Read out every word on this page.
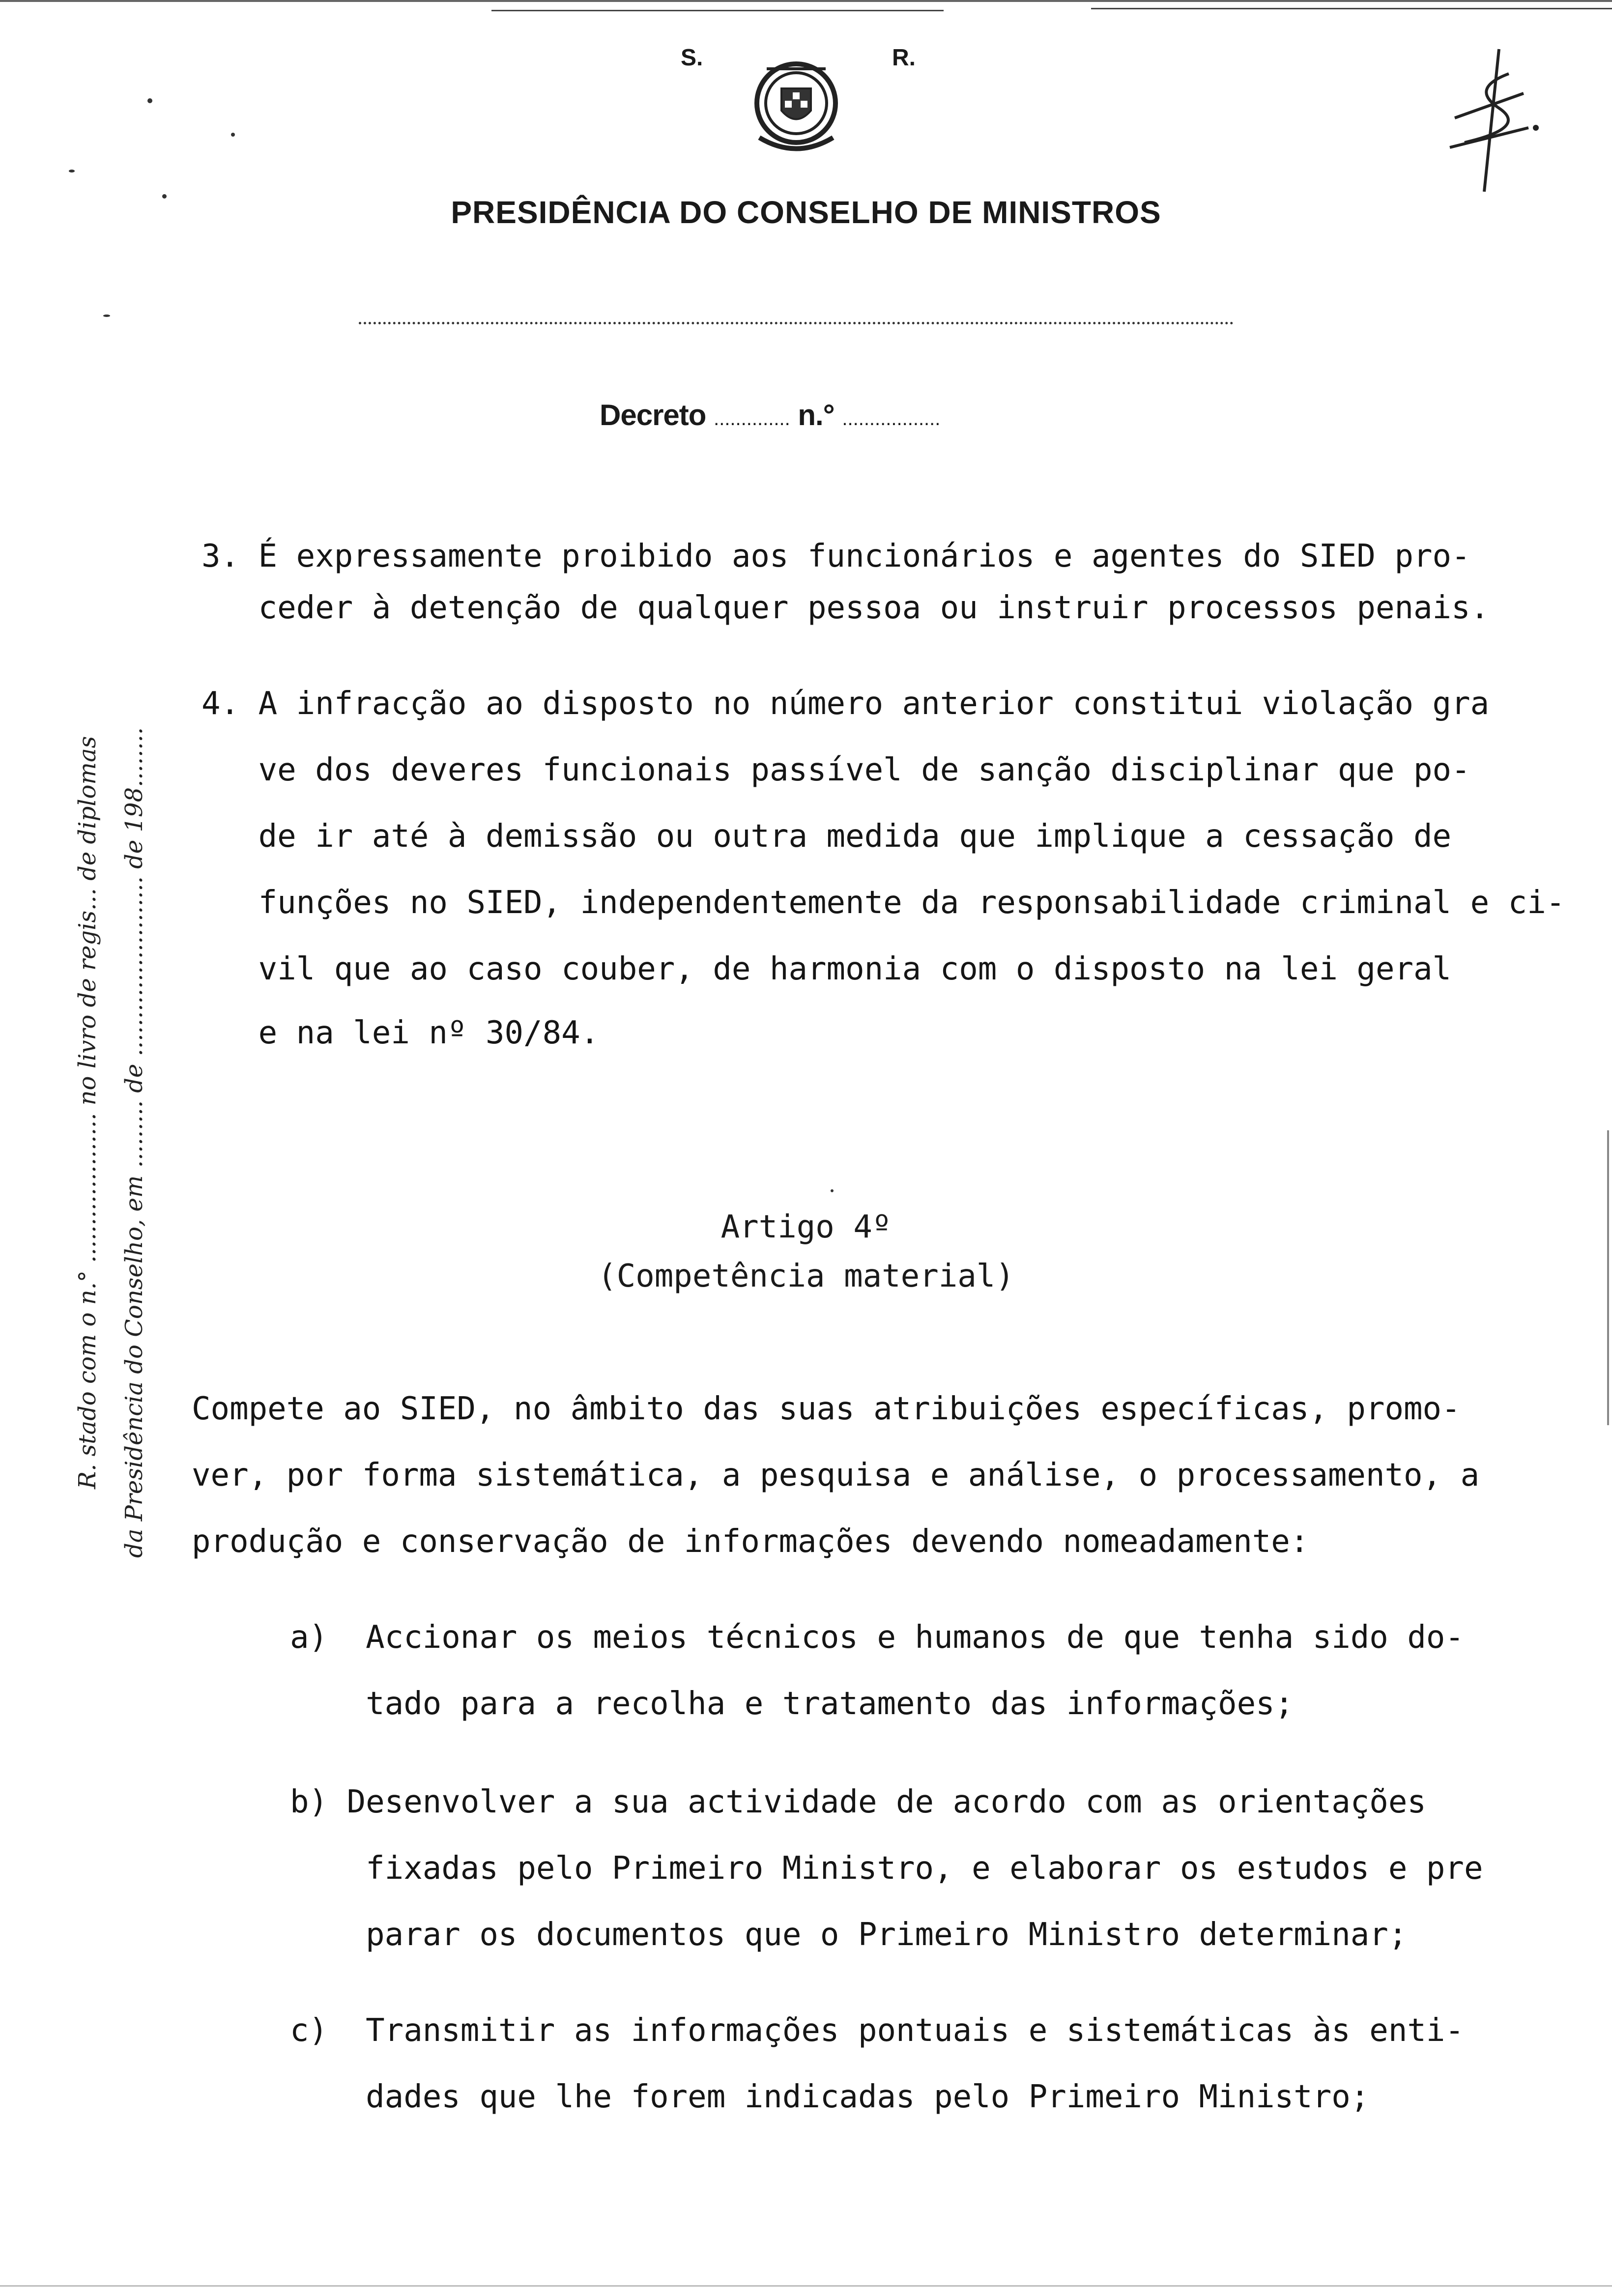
S.	R.
PRESIDÊNCIA DO CONSELHO DE MINISTROS
Decreto .............. n.° ..................
R. stado com o n.° .................... no livro de regis... de diplomas da Presidência do Conselho, em ......... de ........................ de 198........
3. É expressamente proibido aos funcionários e agentes do SIED pro-
ceder à detenção de qualquer pessoa ou instruir processos penais.
4. A infracção ao disposto no número anterior constitui violação gra
ve dos deveres funcionais passível de sanção disciplinar que po-
de ir até à demissão ou outra medida que implique a cessação de
funções no SIED, independentemente da responsabilidade criminal e ci-
vil que ao caso couber, de harmonia com o disposto na lei geral
e na lei nº 30/84.
Artigo 4º
(Competência material)
Compete ao SIED, no âmbito das suas atribuições específicas, promo-
ver, por forma sistemática, a pesquisa e análise, o processamento, a
produção e conservação de informações devendo nomeadamente:
a)  Accionar os meios técnicos e humanos de que tenha sido do-
tado para a recolha e tratamento das informações;
b) Desenvolver a sua actividade de acordo com as orientações
fixadas pelo Primeiro Ministro, e elaborar os estudos e pre
parar os documentos que o Primeiro Ministro determinar;
c)  Transmitir as informações pontuais e sistemáticas às enti-
dades que lhe forem indicadas pelo Primeiro Ministro;
